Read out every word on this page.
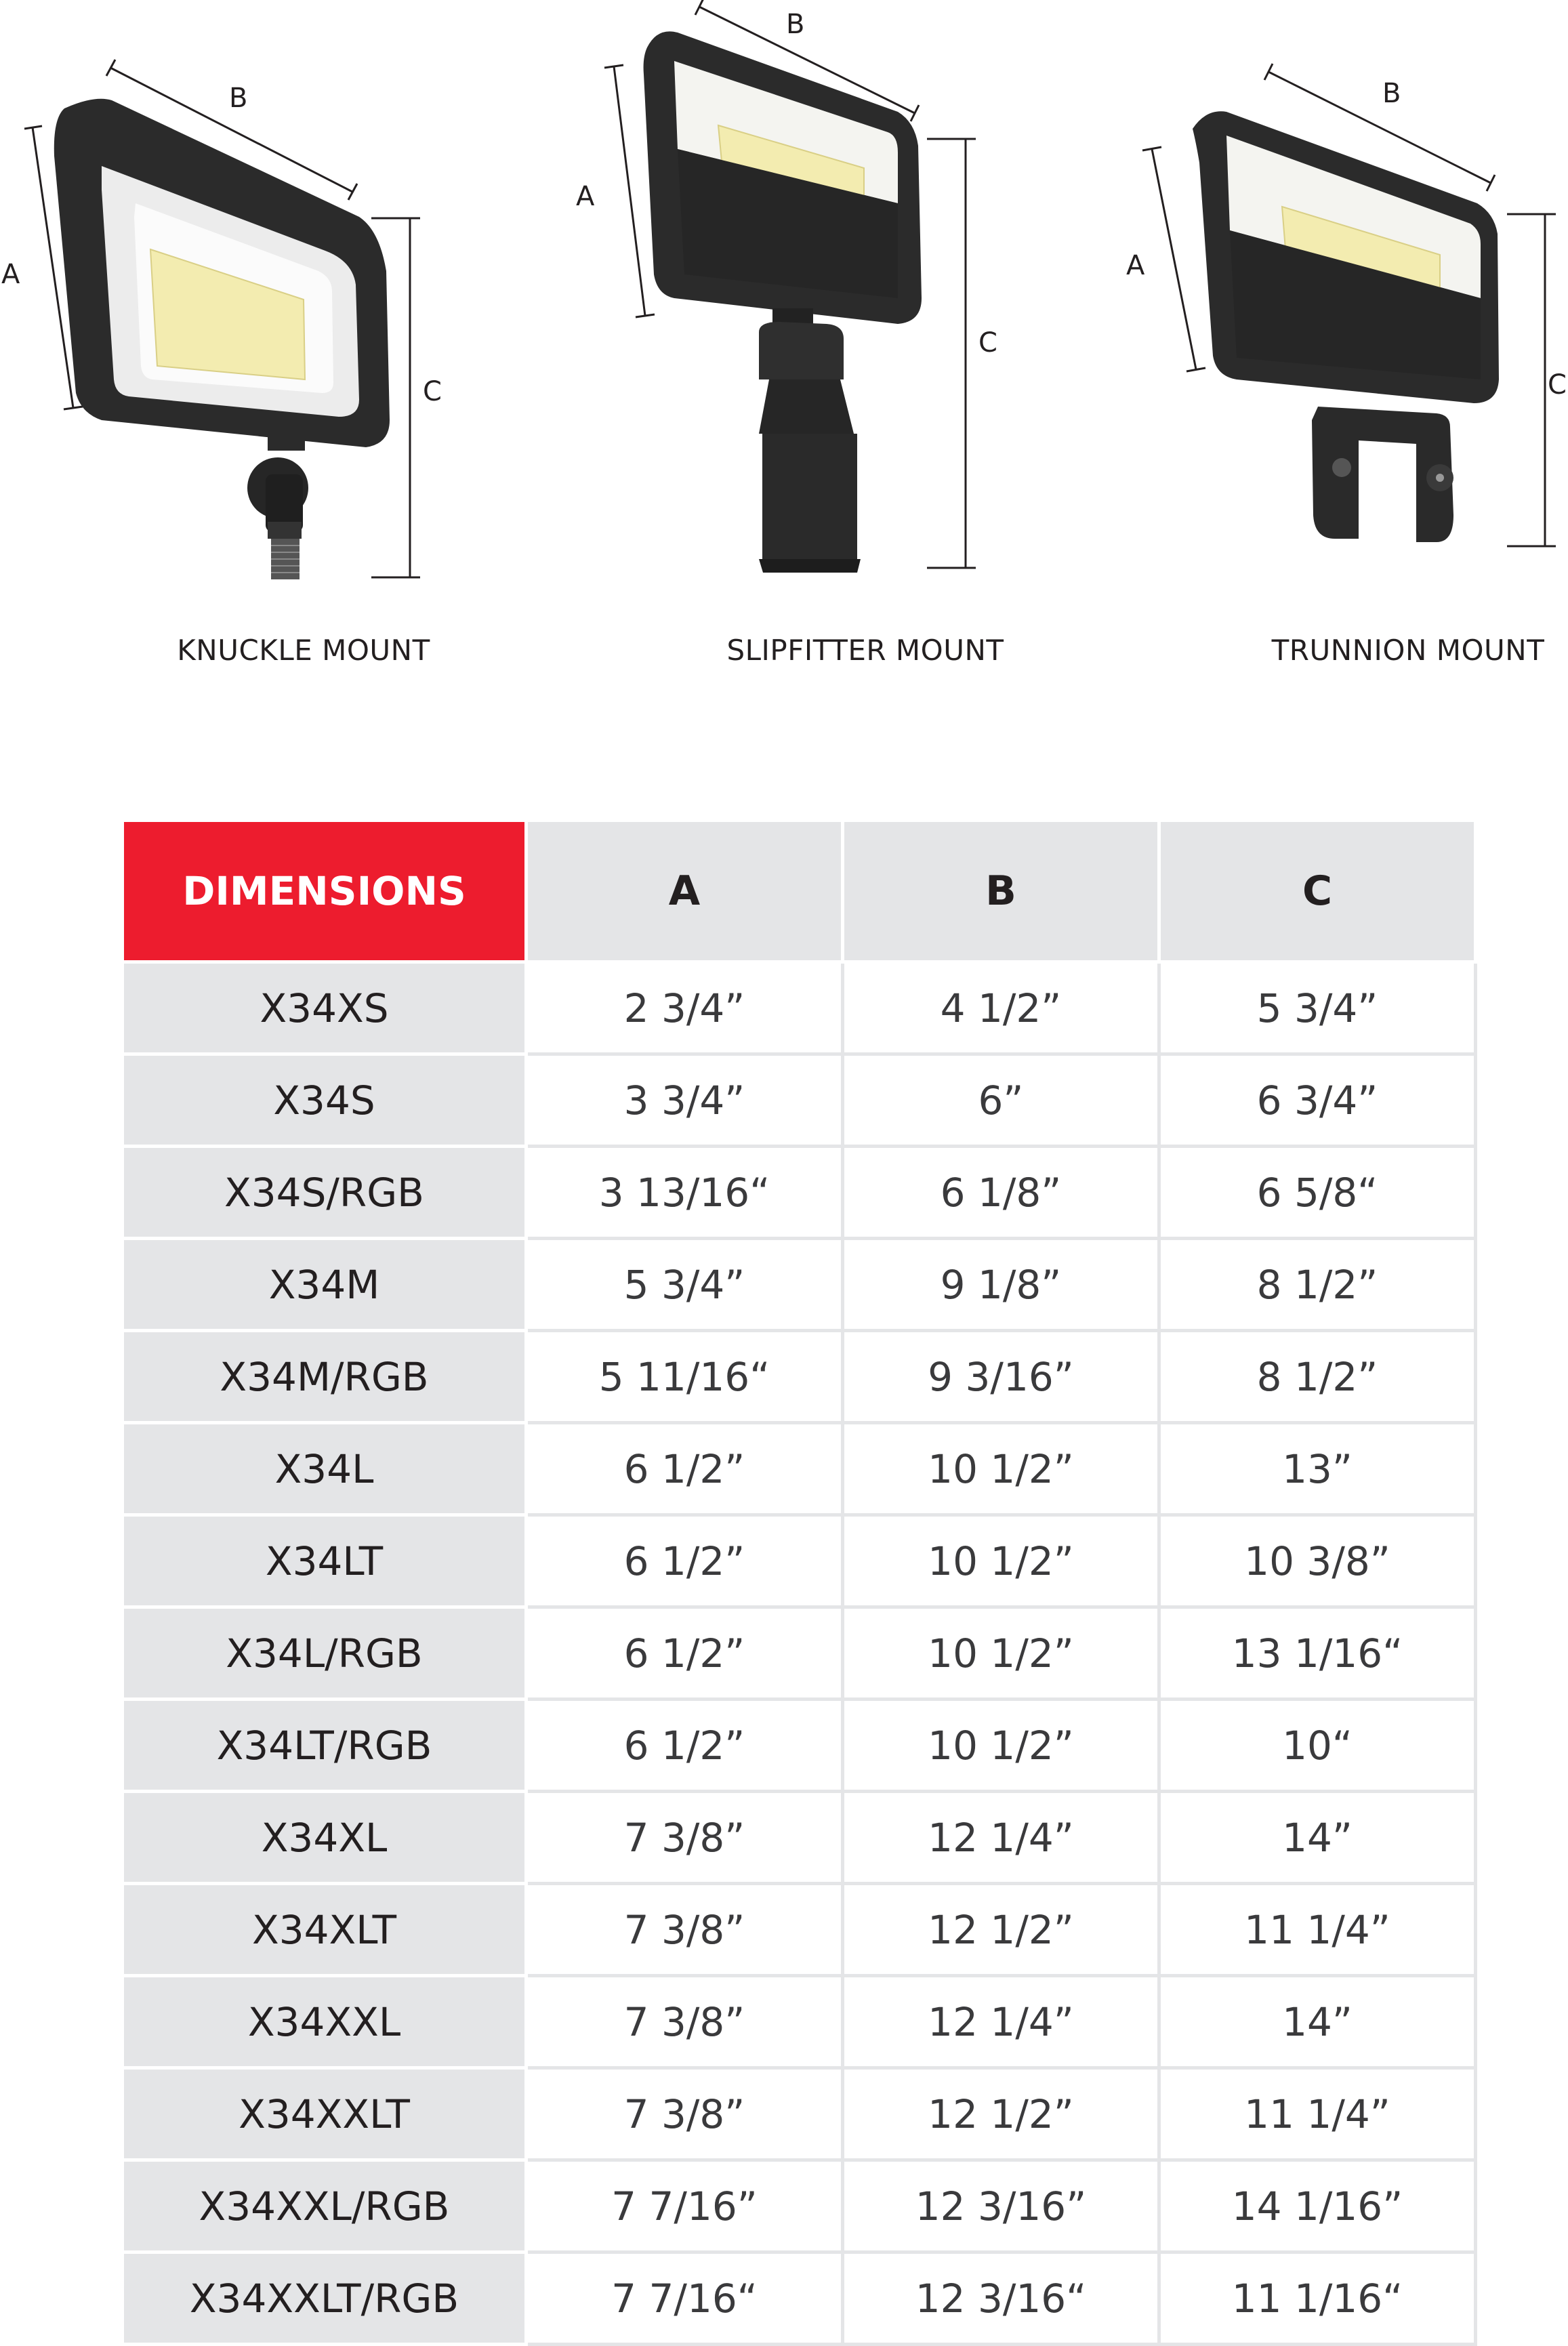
A
B
C
KNUCKLE MOUNT
A
B
C
SLIPFITTER MOUNT
A
B
C
TRUNNION MOUNT
DIMENSIONS	A	B	C
X34XS	2 3/4”	4 1/2”	5 3/4”
X34S	3 3/4”	6”	6 3/4”
X34S/RGB	3 13/16“	6 1/8”	6 5/8“
X34M	5 3/4”	9 1/8”	8 1/2”
X34M/RGB	5 11/16“	9 3/16”	8 1/2”
X34L	6 1/2”	10 1/2”	13”
X34LT	6 1/2”	10 1/2”	10 3/8”
X34L/RGB	6 1/2”	10 1/2”	13 1/16“
X34LT/RGB	6 1/2”	10 1/2”	10“
X34XL	7 3/8”	12 1/4”	14”
X34XLT	7 3/8”	12 1/2”	11 1/4”
X34XXL	7 3/8”	12 1/4”	14”
X34XXLT	7 3/8”	12 1/2”	11 1/4”
X34XXL/RGB	7 7/16”	12 3/16”	14 1/16”
X34XXLT/RGB	7 7/16“	12 3/16“	11 1/16“
